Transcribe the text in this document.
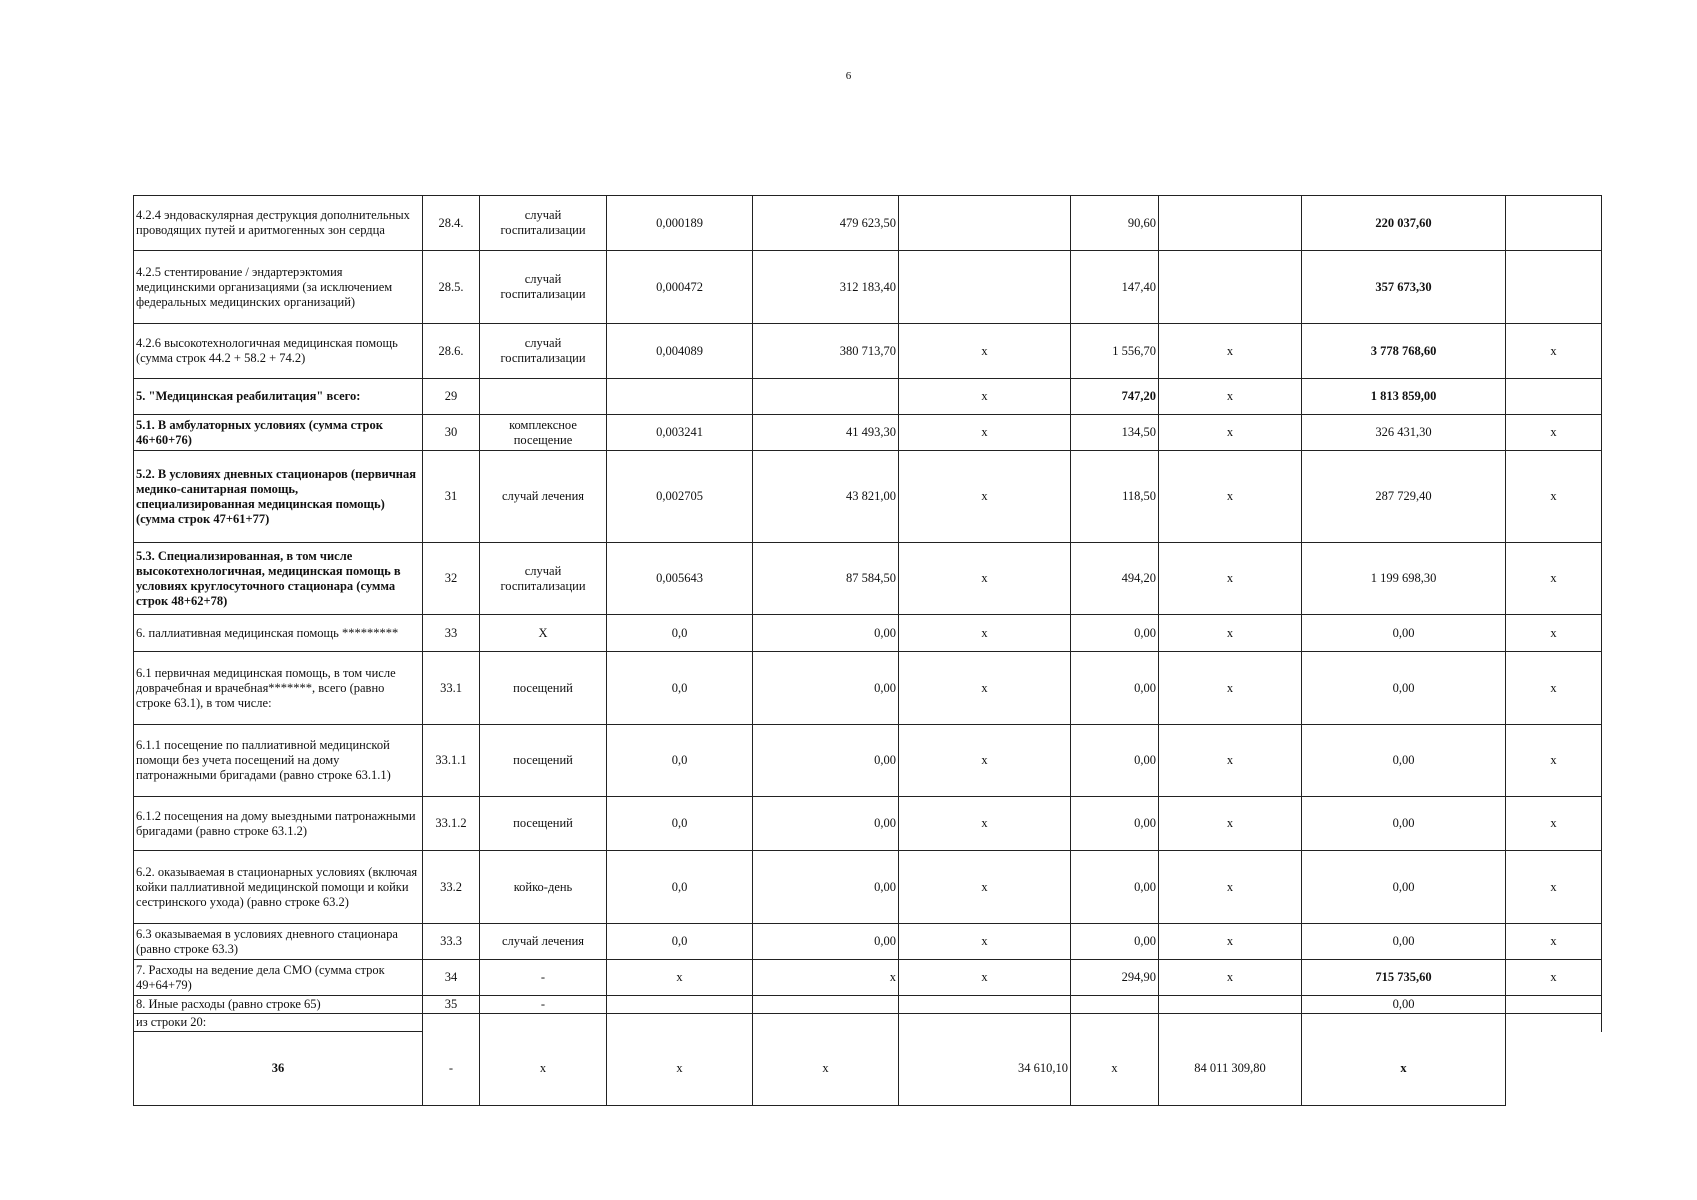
6
4.2.4 эндоваскулярная деструкция дополнительных проводящих путей и аритмогенных зон сердца	28.4.	случай госпитализации	0,000189	479 623,50		90,60		220 037,60	
4.2.5 стентирование / эндартерэктомия медицинскими организациями (за исключением федеральных медицинских организаций)	28.5.	случай госпитализации	0,000472	312 183,40		147,40		357 673,30	
4.2.6 высокотехнологичная медицинская помощь (сумма строк 44.2 + 58.2 + 74.2)	28.6.	случай госпитализации	0,004089	380 713,70	х	1 556,70	х	3 778 768,60	х
5. "Медицинская реабилитация" всего:	29				х	747,20	х	1 813 859,00	
5.1. В амбулаторных условиях (сумма строк 46+60+76)	30	комплексное посещение	0,003241	41 493,30	х	134,50	х	326 431,30	х
5.2. В условиях дневных стационаров (первичная медико-санитарная помощь, специализированная медицинская помощь) (сумма строк 47+61+77)	31	случай лечения	0,002705	43 821,00	х	118,50	х	287 729,40	х
5.3. Специализированная, в том числе высокотехнологичная, медицинская помощь в условиях круглосуточного стационара (сумма строк 48+62+78)	32	случай госпитализации	0,005643	87 584,50	х	494,20	х	1 199 698,30	х
6. паллиативная медицинская помощь *********	33	Х	0,0	0,00	х	0,00	х	0,00	х
6.1 первичная медицинская помощь, в том числе доврачебная и врачебная*******, всего (равно строке 63.1), в том числе:	33.1	посещений	0,0	0,00	х	0,00	х	0,00	х
6.1.1 посещение по паллиативной медицинской помощи без учета посещений на дому патронажными бригадами (равно строке 63.1.1)	33.1.1	посещений	0,0	0,00	х	0,00	х	0,00	х
6.1.2 посещения на дому выездными патронажными бригадами (равно строке 63.1.2)	33.1.2	посещений	0,0	0,00	х	0,00	х	0,00	х
6.2. оказываемая в стационарных условиях (включая койки паллиативной медицинской помощи и койки сестринского ухода) (равно строке 63.2)	33.2	койко-день	0,0	0,00	х	0,00	х	0,00	х
6.3 оказываемая в условиях дневного стационара (равно строке 63.3)	33.3	случай лечения	0,0	0,00	х	0,00	х	0,00	х
7. Расходы на ведение дела СМО (сумма строк 49+64+79)	34	-	х	х	х	294,90	х	715 735,60	х
8. Иные расходы (равно строке 65)	35	-						0,00	
из строки 20:									
36	-	х	х	х	34 610,10	х	84 011 309,80	х	
